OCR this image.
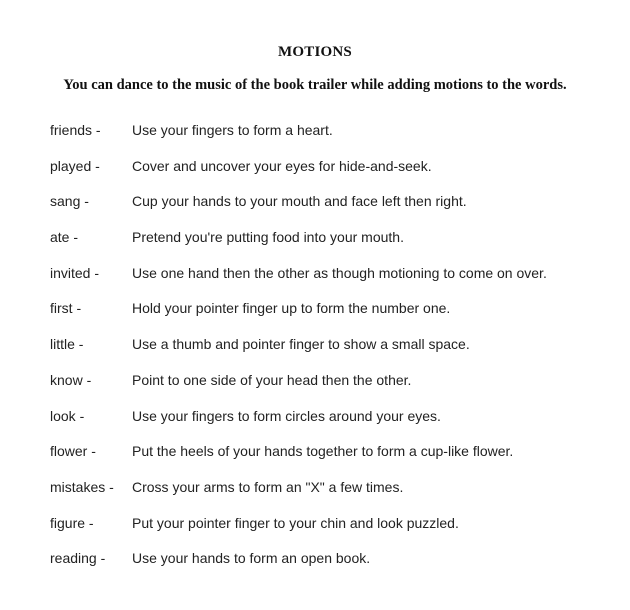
MOTIONS
You can dance to the music of the book trailer while adding motions to the words.
friends -	Use your fingers to form a heart.
played -	Cover and uncover your eyes for hide-and-seek.
sang -	Cup your hands to your mouth and face left then right.
ate -	Pretend you're putting food into your mouth.
invited -	Use one hand then the other as though motioning to come on over.
first -	Hold your pointer finger up to form the number one.
little -	Use a thumb and pointer finger to show a small space.
know -	Point to one side of your head then the other.
look -	Use your fingers to form circles around your eyes.
flower -	Put the heels of your hands together to form a cup-like flower.
mistakes -	Cross your arms to form an "X" a few times.
figure -	Put your pointer finger to your chin and look puzzled.
reading -	Use your hands to form an open book.
